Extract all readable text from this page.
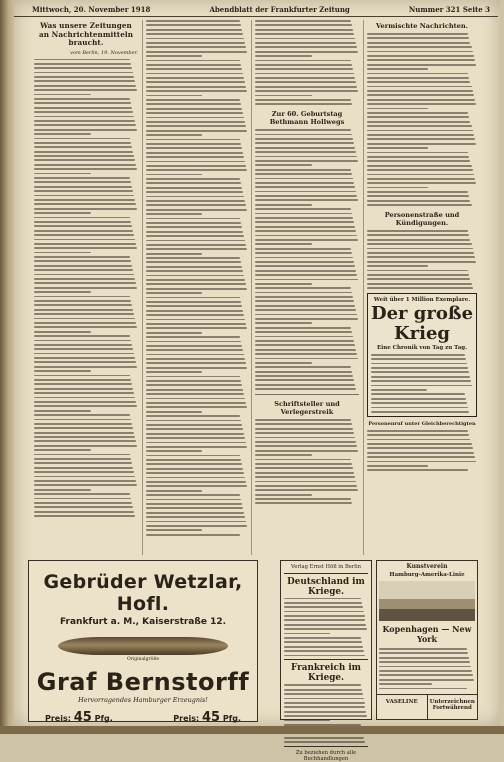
Mittwoch, 20. November 1918	Abendblatt der Frankfurter Zeitung	Nummer 321 Seite 3
Was unsere Zeitungen an Nachrichtenmitteln braucht.
vom Berlin, 19. November.
Zur 60. Geburtstag Bethmann Hollwegs
Schriftsteller und Verlegerstreik
Vermischte Nachrichten.
Personenstraße und Kündigungen.
Weit über 1 Million Exemplare.
Der große Krieg
Eine Chronik von Tag zu Tag.
Personenruf unter Gleichberechtigten
Gebrüder Wetzlar, Hofl.
Frankfurt a. M., Kaiserstraße 12.
Originalgröße
Graf Bernstorff
Hervorragendes Hamburger Erzeugnis!
Preis: 45 Pfg.	Preis: 45 Pfg.
Verlag Ernst Höfl in Berlin
Deutschland im Kriege.
Frankreich im Kriege.
Zu beziehen durch alle Buchhandlungen
Kunstverein
Hamburg-Amerika-Linie
Kopenhagen — New York
VASELINE	Unterzeichnen Fortwährend
